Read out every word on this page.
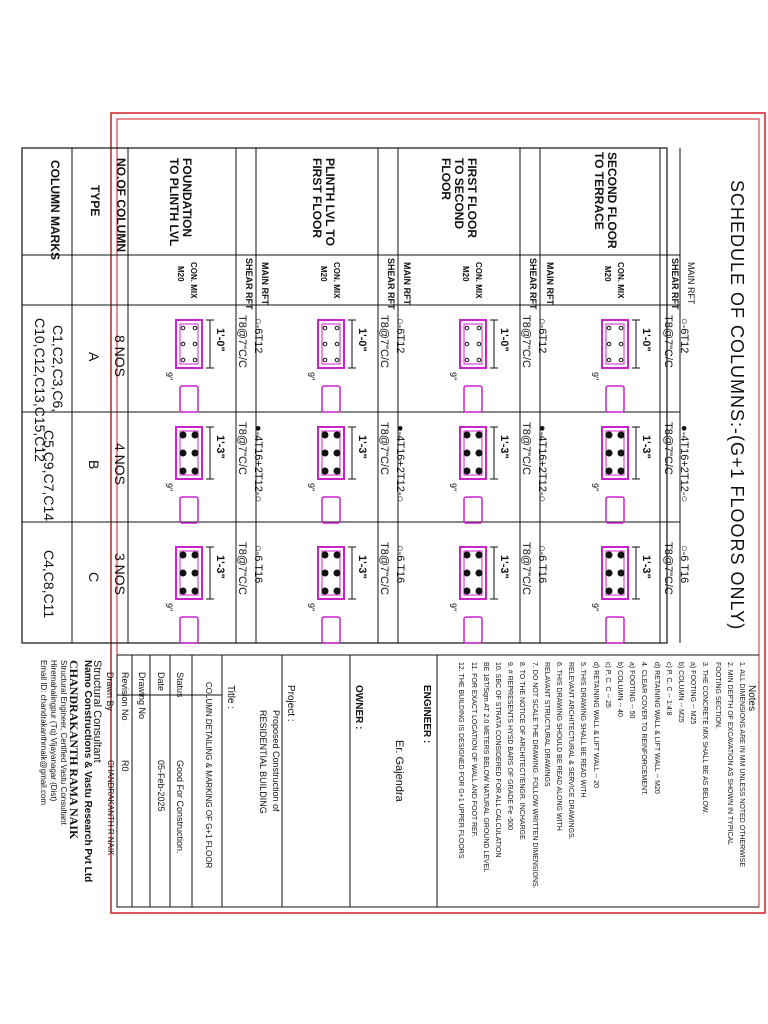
SCHEDULE OF COLUMNS:-(G+1 FLOORS ONLY)
SECOND FLOOR TO TERRACE
FIRST FLOOR TO SECOND FLOOR
PLINTH LVL TO FIRST FLOOR
FOUNDATION TO PLINTH LVL
NO.OF COLUMN
TYPE
COLUMN MARKS
MAIN RFT
SHEAR RFT
CON. MIX
M20
MAIN RFT
SHEAR RFT
CON. MIX
M20
MAIN RFT
SHEAR RFT
CON. MIX
M20
MAIN RFT
SHEAR RFT
CON. MIX
M20
○-6T12
T8@7"C/C
1'-0"
9"
●-4T16+2T12-○
T8@7"C/C
1'-3"
9"
○-6 T16
T8@7"C/C
1'-3"
9"
○-6T12
T8@7"C/C
1'-0"
9"
●-4T16+2T12-○
T8@7"C/C
1'-3"
9"
○-6 T16
T8@7"C/C
1'-3"
9"
○-6T12
T8@7"C/C
1'-0"
9"
●-4T16+2T12-○
T8@7"C/C
1'-3"
9"
○-6 T16
T8@7"C/C
1'-3"
9"
○-6T12
T8@7"C/C
1'-0"
9"
●-4T16+2T12-○
T8@7"C/C
1'-3"
9"
○-6 T16
T8@7"C/C
1'-3"
9"
8 NOS
4 NOS
3 NOS
A
B
C
C1,C2,C3,C6,
C10,C12,C13,C15,C12
C5,C9,C7,C14
C4,C8,C11
Notes
1. ALL DIMENSIONS ARE IN MM UNLESS NOTED OTHERWISE
2. MIN DEPTH OF EXCAVATION AS SHOWN IN TYPICAL
FOOTING SECTION.
3. THE CONCRETE MIX SHALL BE AS BELOW.
a) FOOTING -- M25
b) COLUMN -- M25
c) P. C. C -- 1:4:8
d) RETAINING WALL & LIFT WALL -- M20
4. CLEAR COVER TO REINFORCEMENT.
a) FOOTING -- 50
b) COLUMN -- 40
c) P. C. C -- 25
d) RETAINING WALL & LIFT WALL -- 20
5. THIS DRAWING SHALL BE READ WITH
RELEVANT ARCHITECTURAL & SERVICE DRAWINGS.
6. THIS DRAWING SHOULD BE READ ALONG WITH
RELAVANT STRUCTURAL DRAWINGS
7. DO NOT SCALE THE DRAWING. FOLLOW WRITTEN DIMENSIONS.
8. TO THE NOTICE OF ARCHITECT/ENGR. INCHARGE
9. # REPRESENTS HYSD BARS OF GRADE Fe -500
10. SBC OF STRATA CONSIDERED FOR ALL CALCULATION
BE 18T/Sqm AT 2.0 METERS BELOW NATURAL GROUND LEVEL
11. FOR EXACT LOCATION OF WALL AND FOOT REF.
12. THE BUILDING IS DESIGNED FOR G+1 UPPER FLOORS
ENGINEER :
Er. Gajendra
OWNER :
Project :
Proposed Construction of
RESIDENTIAL BUILDING
Title :
COLUMN DETAILING & MARKING OF G+1 FLOOR
Status
Good For Construction.
Date
05-Feb-2025
Drawing No
Revision No
R0
Drawn By
CHANDRAKANTH R NAIK
Structural Consultant
Namo Constructions & Vastu Research Pvt Ltd
CHANDRAKANTH RAMA NAIK
Structural Engineer, Certified Vastu Consultant
Hiremahalingpur (Tq) Vijayanagar (Dist)
Email ID: chandrakanthrnaik@gmail.com
